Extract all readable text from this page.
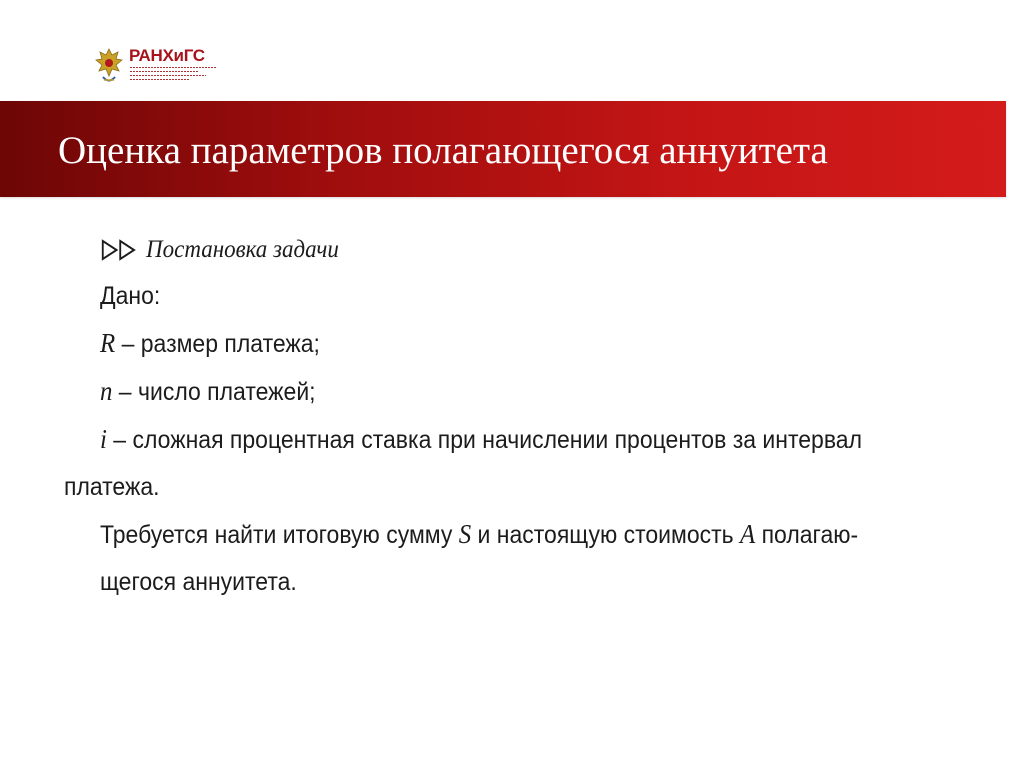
РАНХиГС
Оценка параметров полагающегося аннуитета
Постановка задачи
Дано:
R – размер платежа;
n – число платежей;
i – сложная процентная ставка при начислении процентов за интервал
платежа.
Требуется найти итоговую сумму S и настоящую стоимость A полагаю-
щегося аннуитета.
